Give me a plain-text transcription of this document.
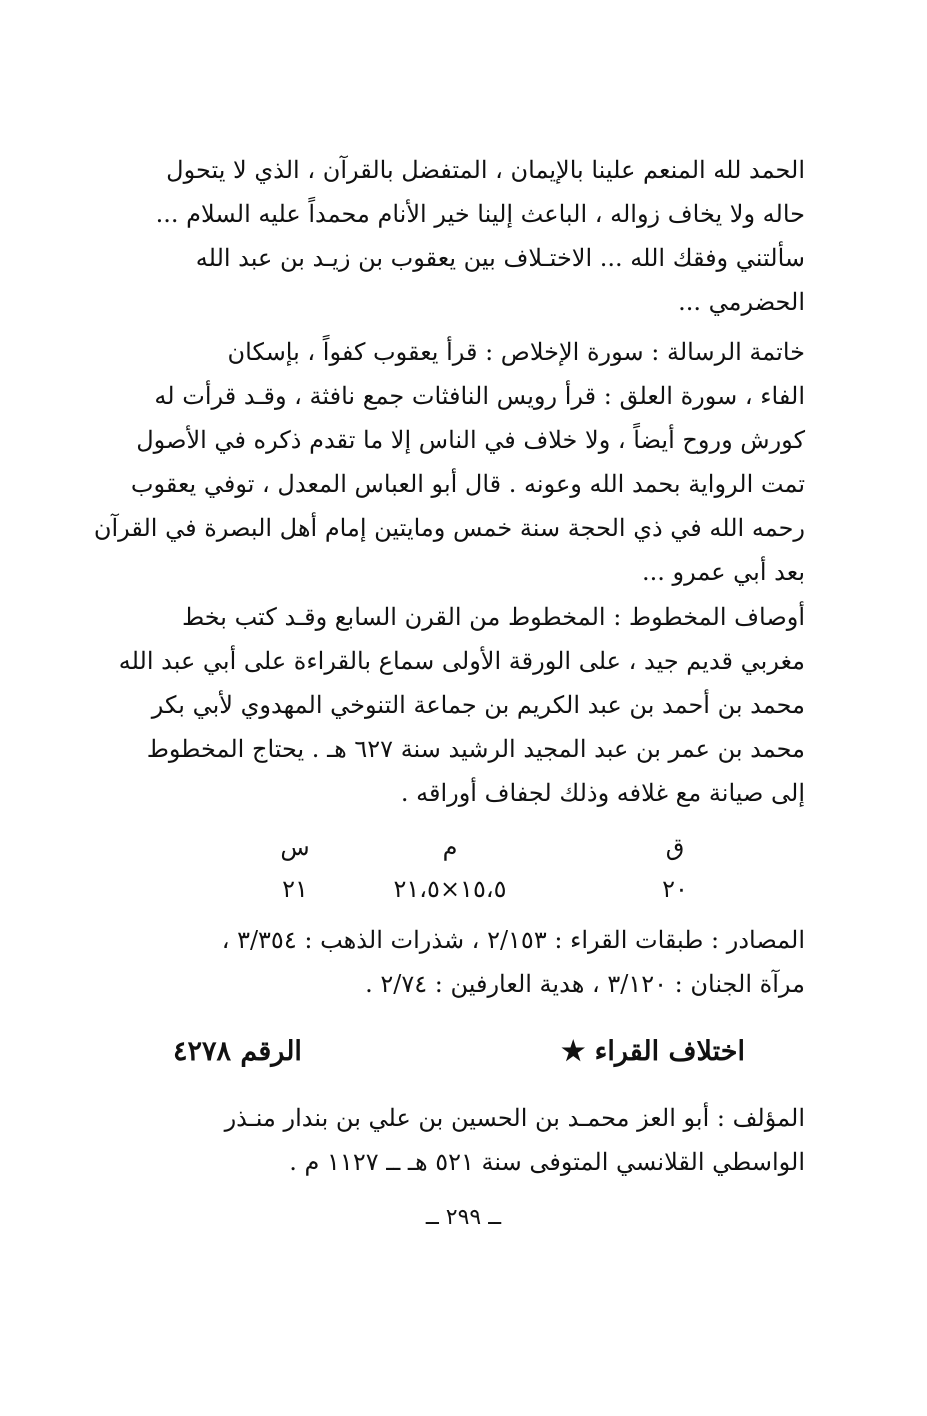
الحمد لله المنعم علينا بالإيمان ، المتفضل بالقرآن ، الذي لا يتحول
حاله ولا يخاف زواله ، الباعث إلينا خير الأنام محمداً عليه السلام ...
سألتني وفقك الله ... الاختـلاف بين يعقوب بن زيـد بن عبد الله
الحضرمي ...
خاتمة الرسالة : سورة الإخلاص : قرأ يعقوب كفواً ، بإسكان
الفاء ، سورة العلق : قرأ رويس النافثات جمع نافثة ، وقـد قرأت له
كورش وروح أيضاً ، ولا خلاف في الناس إلا ما تقدم ذكره في الأصول
تمت الرواية بحمد الله وعونه . قال أبو العباس المعدل ، توفي يعقوب
رحمه الله في ذي الحجة سنة خمس ومايتين إمام أهل البصرة في القرآن
بعد أبي عمرو ...
أوصاف المخطوط : المخطوط من القرن السابع وقـد كتب بخط
مغربي قديم جيد ، على الورقة الأولى سماع بالقراءة على أبي عبد الله
محمد بن أحمد بن عبد الكريم بن جماعة التنوخي المهدوي لأبي بكر
محمد بن عمر بن عبد المجيد الرشيد سنة ٦٢٧ هـ . يحتاج المخطوط
إلى صيانة مع غلافه وذلك لجفاف أوراقه .
ق
٢٠
م
١٥،٥×٢١،٥
س
٢١
المصادر : طبقات القراء : ٢/١٥٣ ، شذرات الذهب : ٣/٣٥٤ ،
مرآة الجنان : ٣/١٢٠ ، هدية العارفين : ٢/٧٤ .
اختلاف القراء ★
الرقم ٤٢٧٨
المؤلف : أبو العز محمـد بن الحسين بن علي بن بندار منـذر
الواسطي القلانسي المتوفى سنة ٥٢١ هـ ــ ١١٢٧ م .
ــ ٢٩٩ ــ
